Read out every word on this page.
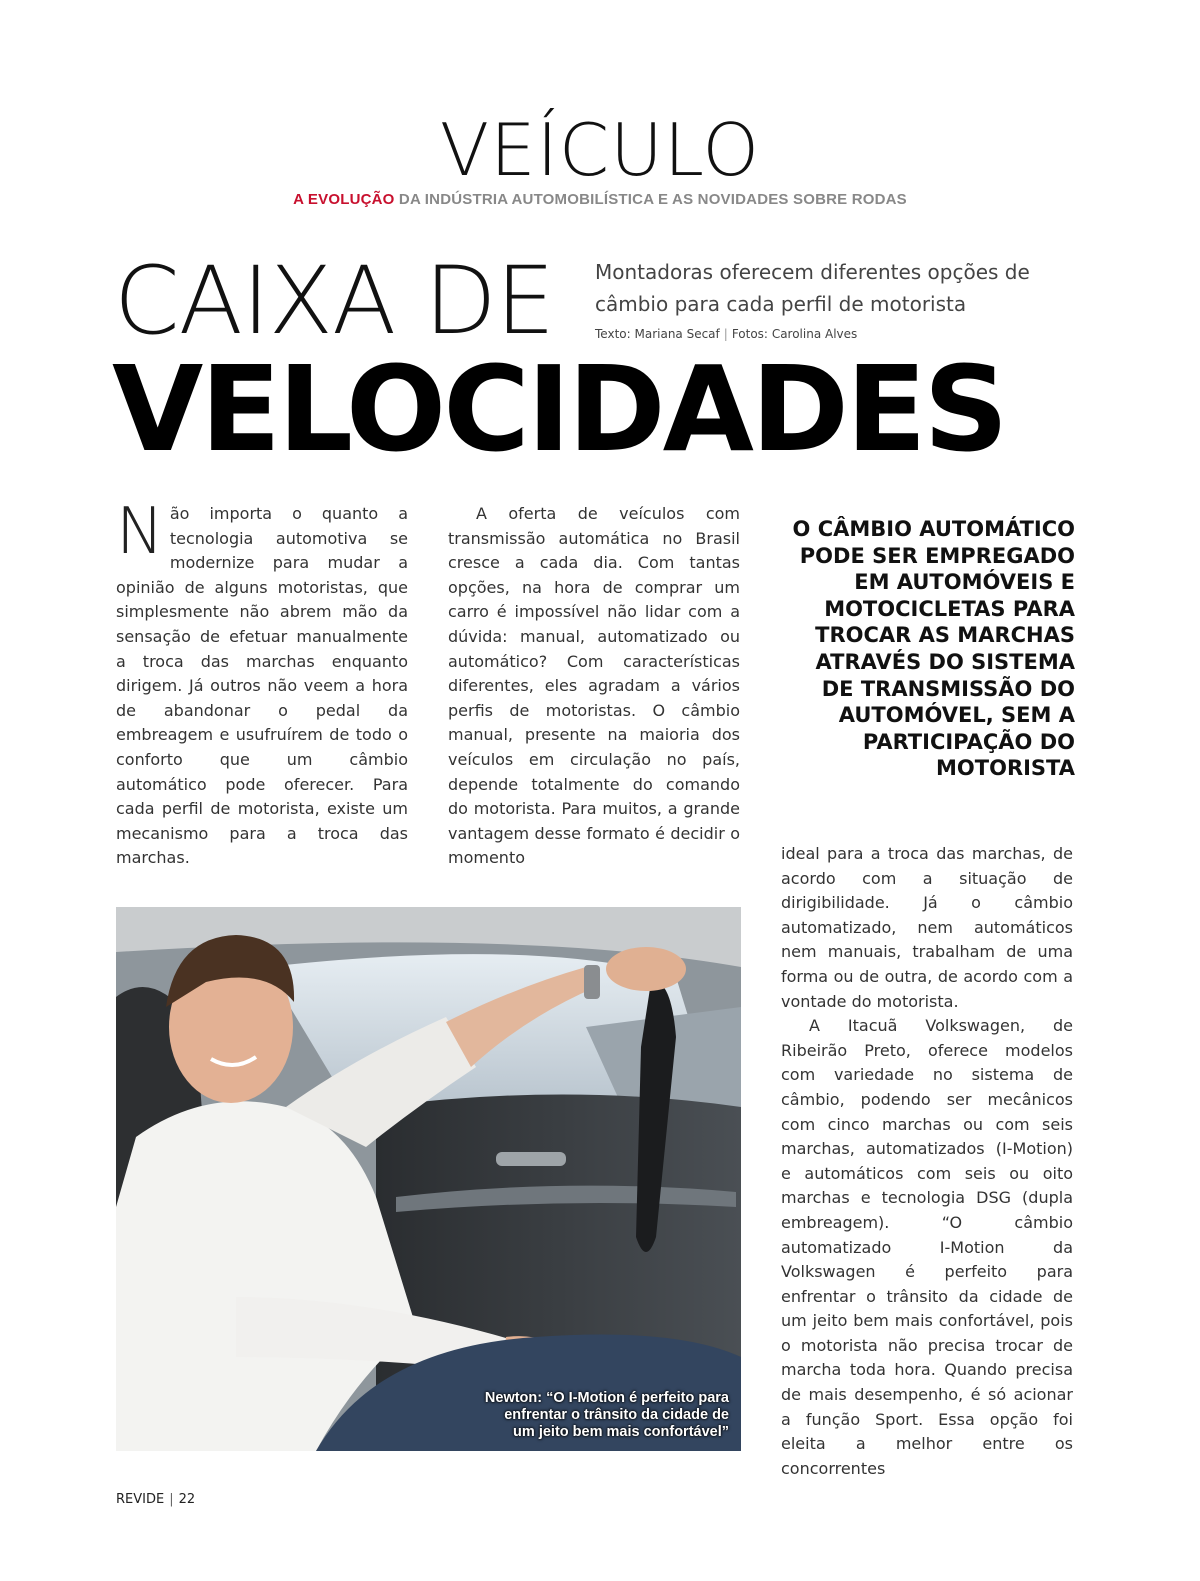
VEÍCULO

A EVOLUÇÃO DA INDÚSTRIA AUTOMOBILÍSTICA E AS NOVIDADES SOBRE RODAS

CAIXA DE
VELOCIDADES

Montadoras oferecem diferentes opções de câmbio para cada perfil de motorista

Texto: Mariana Secaf | Fotos: Carolina Alves

N ão importa o quanto a tecnologia automotiva se modernize para mudar a opinião de alguns motoristas, que simplesmente não abrem mão da sensação de efetuar manualmente a troca das marchas enquanto dirigem. Já outros não veem a hora de abandonar o pedal da embreagem e usufruírem de todo o conforto que um câmbio automático pode oferecer. Para cada perfil de motorista, existe um mecanismo para a troca das marchas.

A oferta de veículos com transmissão automática no Brasil cresce a cada dia. Com tantas opções, na hora de comprar um carro é impossível não lidar com a dúvida: manual, automatizado ou automático? Com características diferentes, eles agradam a vários perfis de motoristas. O câmbio manual, presente na maioria dos veículos em circulação no país, depende totalmente do comando do motorista. Para muitos, a grande vantagem desse formato é decidir o momento

O CÂMBIO AUTOMÁTICO PODE SER EMPREGADO EM AUTOMÓVEIS E MOTOCICLETAS PARA TROCAR AS MARCHAS ATRAVÉS DO SISTEMA DE TRANSMISSÃO DO AUTOMÓVEL, SEM A PARTICIPAÇÃO DO MOTORISTA

ideal para a troca das marchas, de acordo com a situação de dirigibilidade. Já o câmbio automatizado, nem automáticos nem manuais, trabalham de uma forma ou de outra, de acordo com a vontade do motorista.

A Itacuã Volkswagen, de Ribeirão Preto, oferece modelos com variedade no sistema de câmbio, podendo ser mecânicos com cinco marchas ou com seis marchas, automatizados (I-Motion) e automáticos com seis ou oito marchas e tecnologia DSG (dupla embreagem). “O câmbio automatizado I-Motion da Volkswagen é perfeito para enfrentar o trânsito da cidade de um jeito bem mais confortável, pois o motorista não precisa trocar de marcha toda hora. Quando precisa de mais desempenho, é só acionar a função Sport. Essa opção foi eleita a melhor entre os concorrentes

Newton: “O I-Motion é perfeito para enfrentar o trânsito da cidade de um jeito bem mais confortável”

REVIDE | 22
